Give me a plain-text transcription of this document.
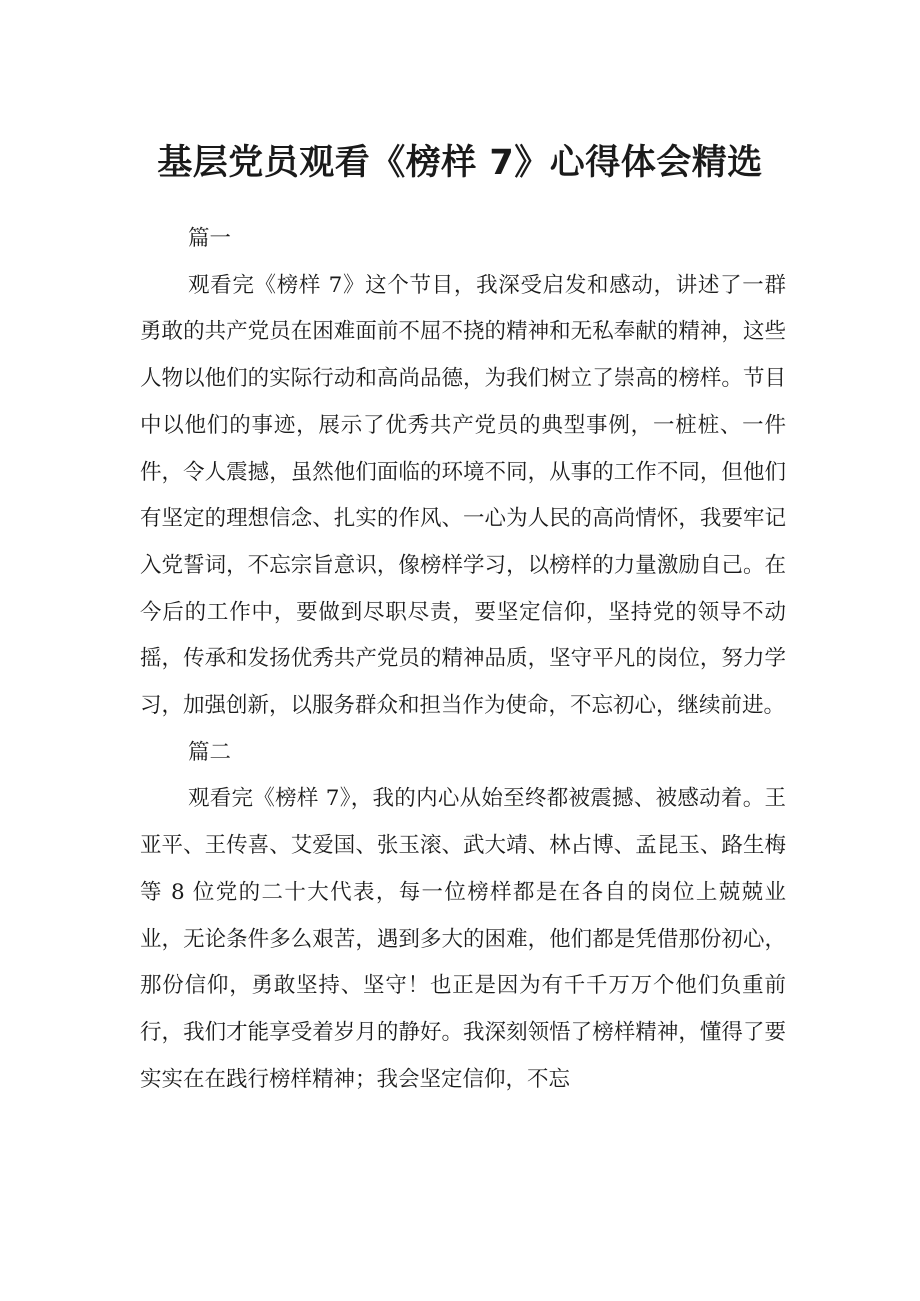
基层党员观看《榜样 7》心得体会精选

篇一

观看完《榜样 7》这个节目，我深受启发和感动，讲述了一群勇敢的共产党员在困难面前不屈不挠的精神和无私奉献的精神，这些人物以他们的实际行动和高尚品德，为我们树立了崇高的榜样。节目中以他们的事迹，展示了优秀共产党员的典型事例，一桩桩、一件件，令人震撼，虽然他们面临的环境不同，从事的工作不同，但他们有坚定的理想信念、扎实的作风、一心为人民的高尚情怀，我要牢记入党誓词，不忘宗旨意识，像榜样学习，以榜样的力量激励自己。在今后的工作中，要做到尽职尽责，要坚定信仰，坚持党的领导不动摇，传承和发扬优秀共产党员的精神品质，坚守平凡的岗位，努力学习，加强创新，以服务群众和担当作为使命，不忘初心，继续前进。

篇二

观看完《榜样 7》，我的内心从始至终都被震撼、被感动着。王亚平、王传喜、艾爱国、张玉滚、武大靖、林占博、孟昆玉、路生梅等 8 位党的二十大代表，每一位榜样都是在各自的岗位上兢兢业业，无论条件多么艰苦，遇到多大的困难，他们都是凭借那份初心，那份信仰，勇敢坚持、坚守！也正是因为有千千万万个他们负重前行，我们才能享受着岁月的静好。我深刻领悟了榜样精神，懂得了要实实在在践行榜样精神；我会坚定信仰，不忘
